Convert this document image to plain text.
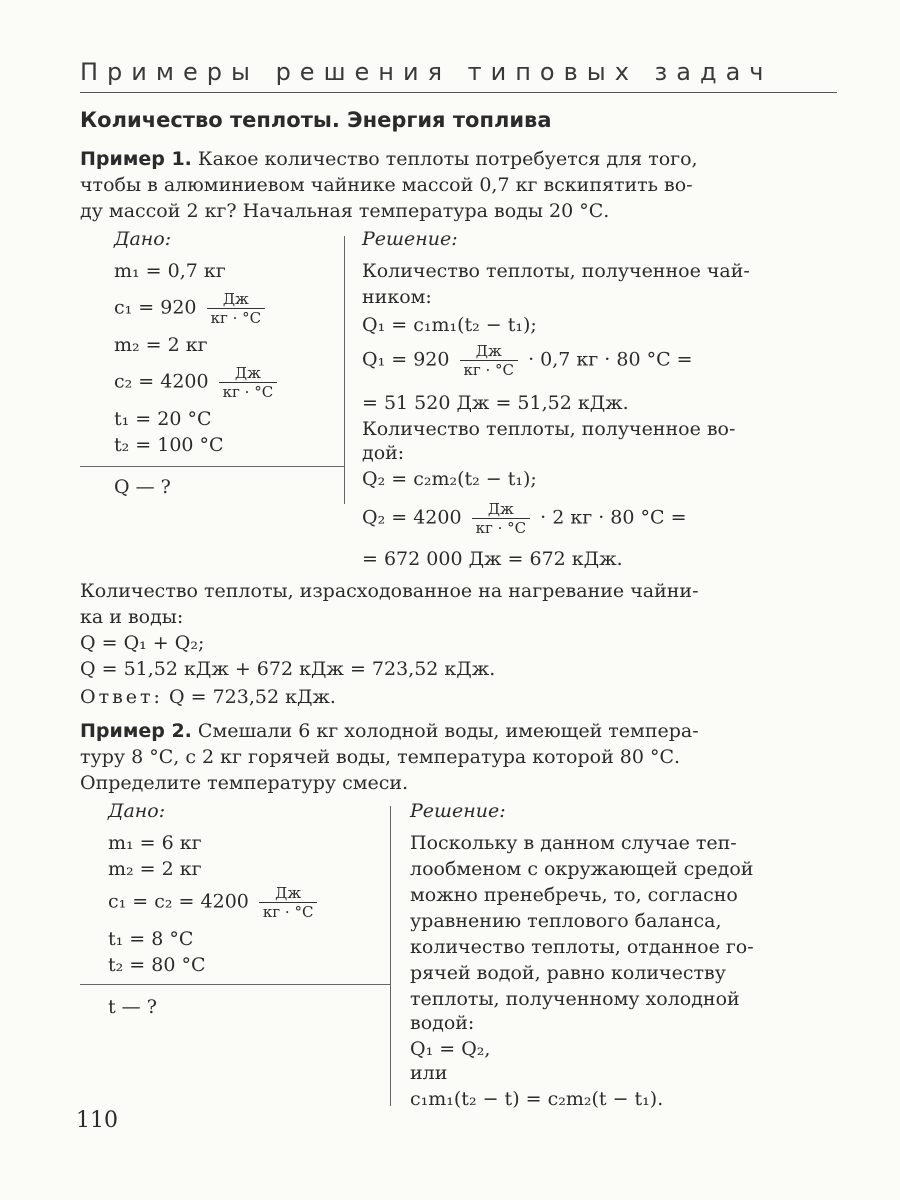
Примеры решения типовых задач
Количество теплоты. Энергия топлива
Пример 1. Какое количество теплоты потребуется для того,
чтобы в алюминиевом чайнике массой 0,7 кг вскипятить во-
ду массой 2 кг? Начальная температура воды 20 °С.
Дано:
m₁ = 0,7 кг
$c_1 = 920 \frac{Дж}{кг \cdot ^\circ С}$
m₂ = 2 кг
$c_2 = 4200 \frac{Дж}{кг \cdot ^\circ С}$
t₁ = 20 °С
t₂ = 100 °С
Q — ?
Решение:
Количество теплоты, полученное чай-
ником:
Q₁ = c₁m₁(t₂ − t₁);
$Q_1 = 920 \frac{Дж}{кг \cdot ^\circ С} \cdot 0,7$ кг · 80 °С =
= 51 520 Дж = 51,52 кДж.
Количество теплоты, полученное во-
дой:
Q₂ = c₂m₂(t₂ − t₁);
$Q_2 = 4200 \frac{Дж}{кг \cdot ^\circ С} \cdot 2$ кг · 80 °С =
= 672 000 Дж = 672 кДж.
Количество теплоты, израсходованное на нагревание чайни-
ка и воды:
Q = Q₁ + Q₂;
Q = 51,52 кДж + 672 кДж = 723,52 кДж.
Ответ: Q = 723,52 кДж.
Пример 2. Смешали 6 кг холодной воды, имеющей темпера-
туру 8 °С, с 2 кг горячей воды, температура которой 80 °С.
Определите температуру смеси.
Дано:
m₁ = 6 кг
m₂ = 2 кг
$c_1 = c_2 = 4200 \frac{Дж}{кг \cdot ^\circ С}$
t₁ = 8 °С
t₂ = 80 °С
t — ?
Решение:
Поскольку в данном случае теп-
лообменом с окружающей средой
можно пренебречь, то, согласно
уравнению теплового баланса,
количество теплоты, отданное го-
рячей водой, равно количеству
теплоты, полученному холодной
водой:
Q₁ = Q₂,
или
c₁m₁(t₂ − t) = c₂m₂(t − t₁).
110
